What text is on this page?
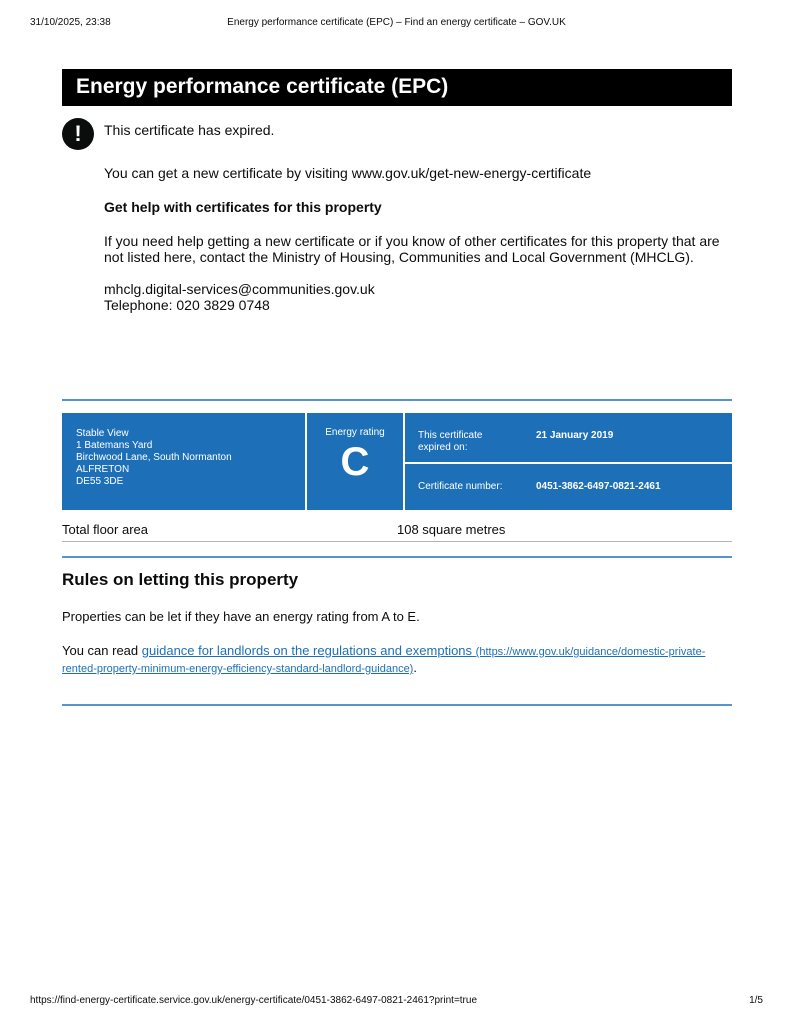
31/10/2025, 23:38	Energy performance certificate (EPC) – Find an energy certificate – GOV.UK
Energy performance certificate (EPC)
!	This certificate has expired.
You can get a new certificate by visiting www.gov.uk/get-new-energy-certificate
Get help with certificates for this property
If you need help getting a new certificate or if you know of other certificates for this property that are not listed here, contact the Ministry of Housing, Communities and Local Government (MHCLG).
mhclg.digital-services@communities.gov.uk
Telephone: 020 3829 0748
Stable View
1 Batemans Yard
Birchwood Lane, South Normanton
ALFRETON
DE55 3DE
Energy rating
C
This certificate expired on:
21 January 2019
Certificate number:	0451-3862-6497-0821-2461
Total floor area	108 square metres
Rules on letting this property
Properties can be let if they have an energy rating from A to E.
You can read guidance for landlords on the regulations and exemptions (https://www.gov.uk/guidance/domestic-private-rented-property-minimum-energy-efficiency-standard-landlord-guidance).
https://find-energy-certificate.service.gov.uk/energy-certificate/0451-3862-6497-0821-2461?print=true	1/5
